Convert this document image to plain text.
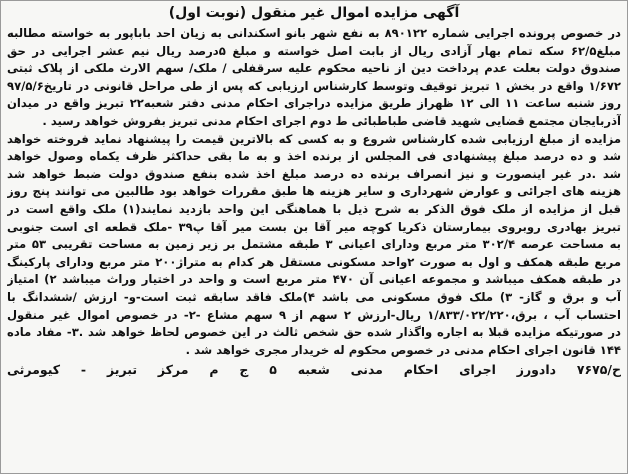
آگهی مزایده اموال غیر منقول (نوبت اول)
در خصوص پرونده اجرایی شماره ۸۹۰۱۲۲ به نفع شهر بانو اسکندانی به زیان احد باباپور به خواسته مطالبه
مبلغ۶۲/۵ سکه تمام بهار آزادی ریال از بابت اصل خواسته و مبلغ ۵درصد ریال نیم عشر اجرایی در حق
صندوق دولت بعلت عدم پرداخت دین از ناحیه محکوم علیه سرقفلی / ملک/ سهم الارث ملکی از پلاک ثبتی
۱/۶۷۲ واقع در بخش ۱ تبریز توقیف وتوسط کارشناس ارزیابی که پس از طی مراحل قانونی در تاریخ۹۷/۵/۶
روز شنبه ساعت ۱۱ الی ۱۲ ظهراز طریق مزایده دراجرای احکام مدنی دفتر شعبه۲۲ تبریز واقع در میدان
آذربایجان مجتمع قضایی شهید قاضی طباطبائی ط دوم اجرای احکام مدنی تبریز بفروش خواهد رسید .
مزایده از مبلغ ارزیابی شده کارشناس شروع و به کسی که بالاترین قیمت را پیشنهاد نماید فروخته خواهد
شد و ده درصد مبلغ پیشنهادی فی المجلس از برنده اخذ و به ما بقی حداکثر ظرف یکماه وصول خواهد
شد .در غیر اینصورت و نیز انصراف برنده ده درصد مبلغ اخذ شده بنفع صندوق دولت ضبط خواهد شد
هزینه های اجرائی و عوارض شهرداری و سایر هزینه ها طبق مقررات خواهد بود طالبین می توانند پنج روز
قبل از مزایده از ملک فوق الذکر به شرح ذیل با هماهنگی این واحد بازدید نمایند(۱) ملک واقع است در
تبریز بهادری روبروی بیمارستان ذکریا کوچه میر آقا بن بست میر آقا پ۳۹ -ملک قطعه ای است جنوبی
به مساحت عرصه ۳۰۲/۴ متر مربع ودارای اعیانی ۳ طبقه مشتمل بر زیر زمین به مساحت تقریبی ۵۳ متر
مربع طبقه همکف و اول به صورت ۲واحد مسکونی مستقل هر کدام به متراژ۲۰۰ متر مربع ودارای پارکینگ
در طبقه همکف میباشد و مجموعه اعیانی آن ۴۷۰ متر مربع است و واحد در اختیار وراث میباشد ۲) امتیاز
آب و برق و گاز- ۳) ملک فوق مسکونی می باشد ۴)ملک فاقد سابقه ثبت است-و- ارزش /ششدانگ با
احتساب آب ، برق،۱/۸۳۳/۰۲۲/۲۲۰ ریال-ارزش ۲ سهم از ۹ سهم مشاع -۲- در خصوص اموال غیر منقول
در صورتیکه مزایده قبلا به اجاره واگذار شده حق شخص ثالث در این خصوص لحاظ خواهد شد .۳- مفاد ماده
۱۴۴ قانون اجرای احکام مدنی در خصوص محکوم له خریدار مجری خواهد شد .
ح/۷۶۷۵ دادورز اجرای احکام مدنی شعبه ۵ ج م مرکز تبریز - کیومرثی
